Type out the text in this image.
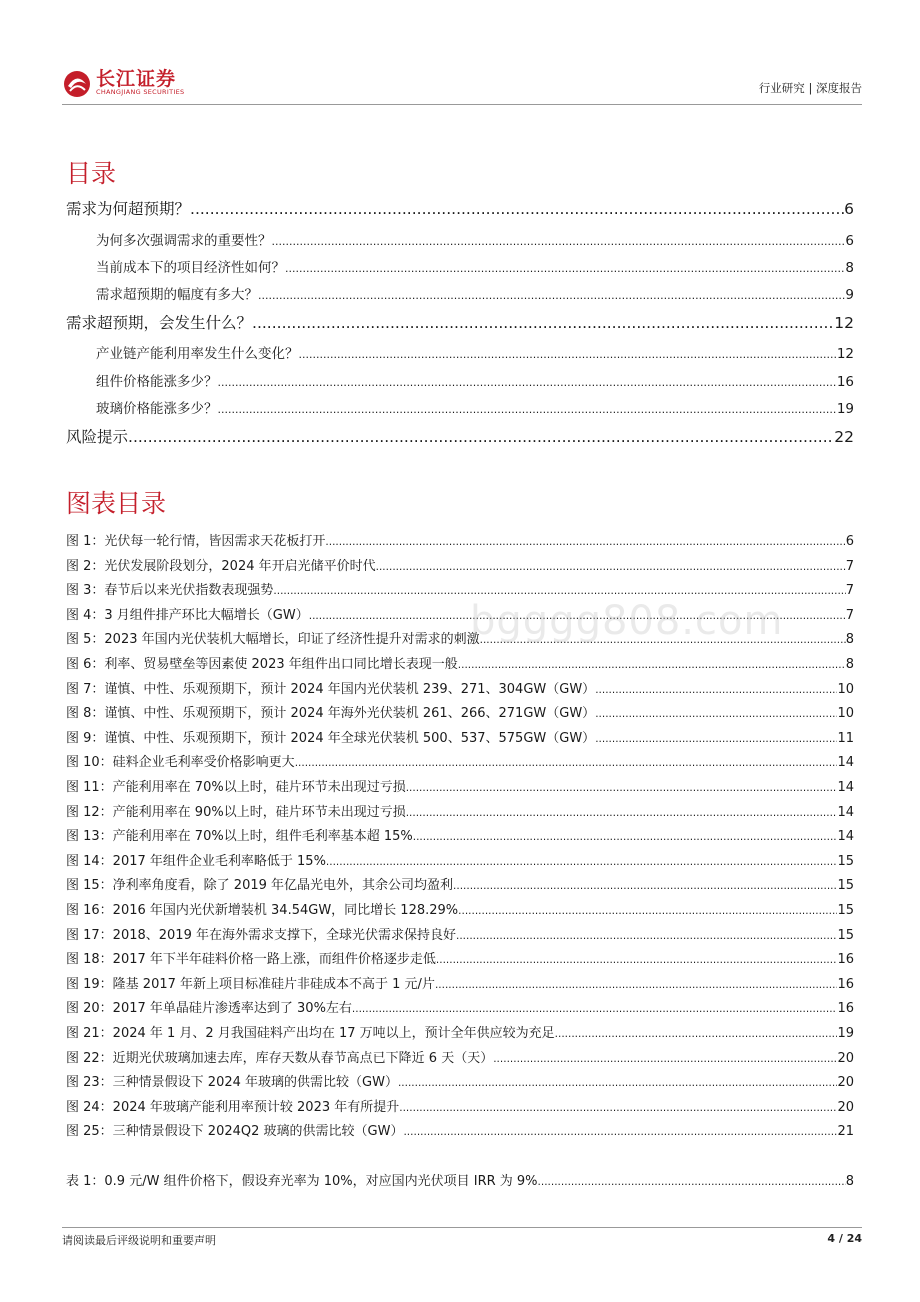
长江证券
CHANGJIANG SECURITIES	行业研究 | 深度报告
目录
需求为何超预期？ .....	6
为何多次强调需求的重要性？ .....	6
当前成本下的项目经济性如何？ .....	8
需求超预期的幅度有多大？ .....	9
需求超预期，会发生什么？ .....	12
产业链产能利用率发生什么变化？ .....	12
组件价格能涨多少？ .....	16
玻璃价格能涨多少？ .....	19
风险提示 .....	22
图表目录
图 1：光伏每一轮行情，皆因需求天花板打开 .....	6
图 2：光伏发展阶段划分，2024 年开启光储平价时代 .....	7
图 3：春节后以来光伏指数表现强势 .....	7
图 4：3 月组件排产环比大幅增长（GW） .....	7
图 5：2023 年国内光伏装机大幅增长，印证了经济性提升对需求的刺激 .....	8
图 6：利率、贸易壁垒等因素使 2023 年组件出口同比增长表现一般 .....	8
图 7：谨慎、中性、乐观预期下，预计 2024 年国内光伏装机 239、271、304GW（GW） .....	10
图 8：谨慎、中性、乐观预期下，预计 2024 年海外光伏装机 261、266、271GW（GW） .....	10
图 9：谨慎、中性、乐观预期下，预计 2024 年全球光伏装机 500、537、575GW（GW） .....	11
图 10：硅料企业毛利率受价格影响更大 .....	14
图 11：产能利用率在 70%以上时，硅片环节未出现过亏损 .....	14
图 12：产能利用率在 90%以上时，硅片环节未出现过亏损 .....	14
图 13：产能利用率在 70%以上时，组件毛利率基本超 15% .....	14
图 14：2017 年组件企业毛利率略低于 15% .....	15
图 15：净利率角度看，除了 2019 年亿晶光电外，其余公司均盈利 .....	15
图 16：2016 年国内光伏新增装机 34.54GW，同比增长 128.29% .....	15
图 17：2018、2019 年在海外需求支撑下，全球光伏需求保持良好 .....	15
图 18：2017 年下半年硅料价格一路上涨，而组件价格逐步走低 .....	16
图 19：隆基 2017 年新上项目标准硅片非硅成本不高于 1 元/片 .....	16
图 20：2017 年单晶硅片渗透率达到了 30%左右 .....	16
图 21：2024 年 1 月、2 月我国硅料产出均在 17 万吨以上，预计全年供应较为充足 .....	19
图 22：近期光伏玻璃加速去库，库存天数从春节高点已下降近 6 天（天） .....	20
图 23：三种情景假设下 2024 年玻璃的供需比较（GW） .....	20
图 24：2024 年玻璃产能利用率预计较 2023 年有所提升 .....	20
图 25：三种情景假设下 2024Q2 玻璃的供需比较（GW） .....	21
表 1：0.9 元/W 组件价格下，假设弃光率为 10%，对应国内光伏项目 IRR 为 9% .....	8
bgggg808.com
请阅读最后评级说明和重要声明	4 / 24
